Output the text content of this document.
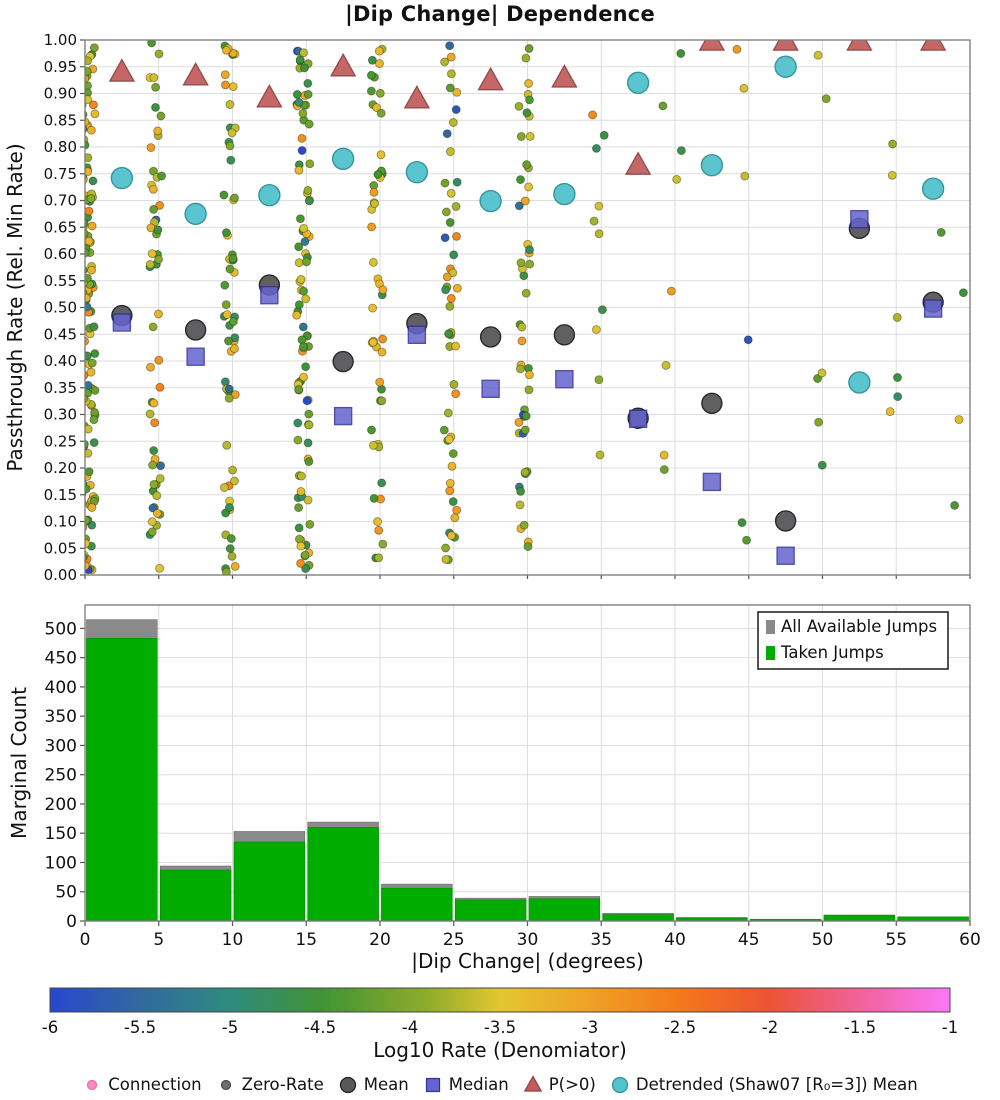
|Dip Change| Dependence
0.00
0.05
0.10
0.15
0.20
0.25
0.30
0.35
0.40
0.45
0.50
0.55
0.60
0.65
0.70
0.75
0.80
0.85
0.90
0.95
1.00
Passthrough Rate (Rel. Min Rate)
0
50
100
150
200
250
300
350
400
450
500
0	5	10	15	20	25	30	35	40	45	50	55	60
Marginal Count
|Dip Change| (degrees)
All Available Jumps
Taken Jumps
-6	-5.5	-5	-4.5	-4	-3.5	-3	-2.5	-2	-1.5	-1
Log10 Rate (Denomiator)
Connection Zero-Rate Mean Median P(>0) Detrended (Shaw07 [R₀=3]) Mean
